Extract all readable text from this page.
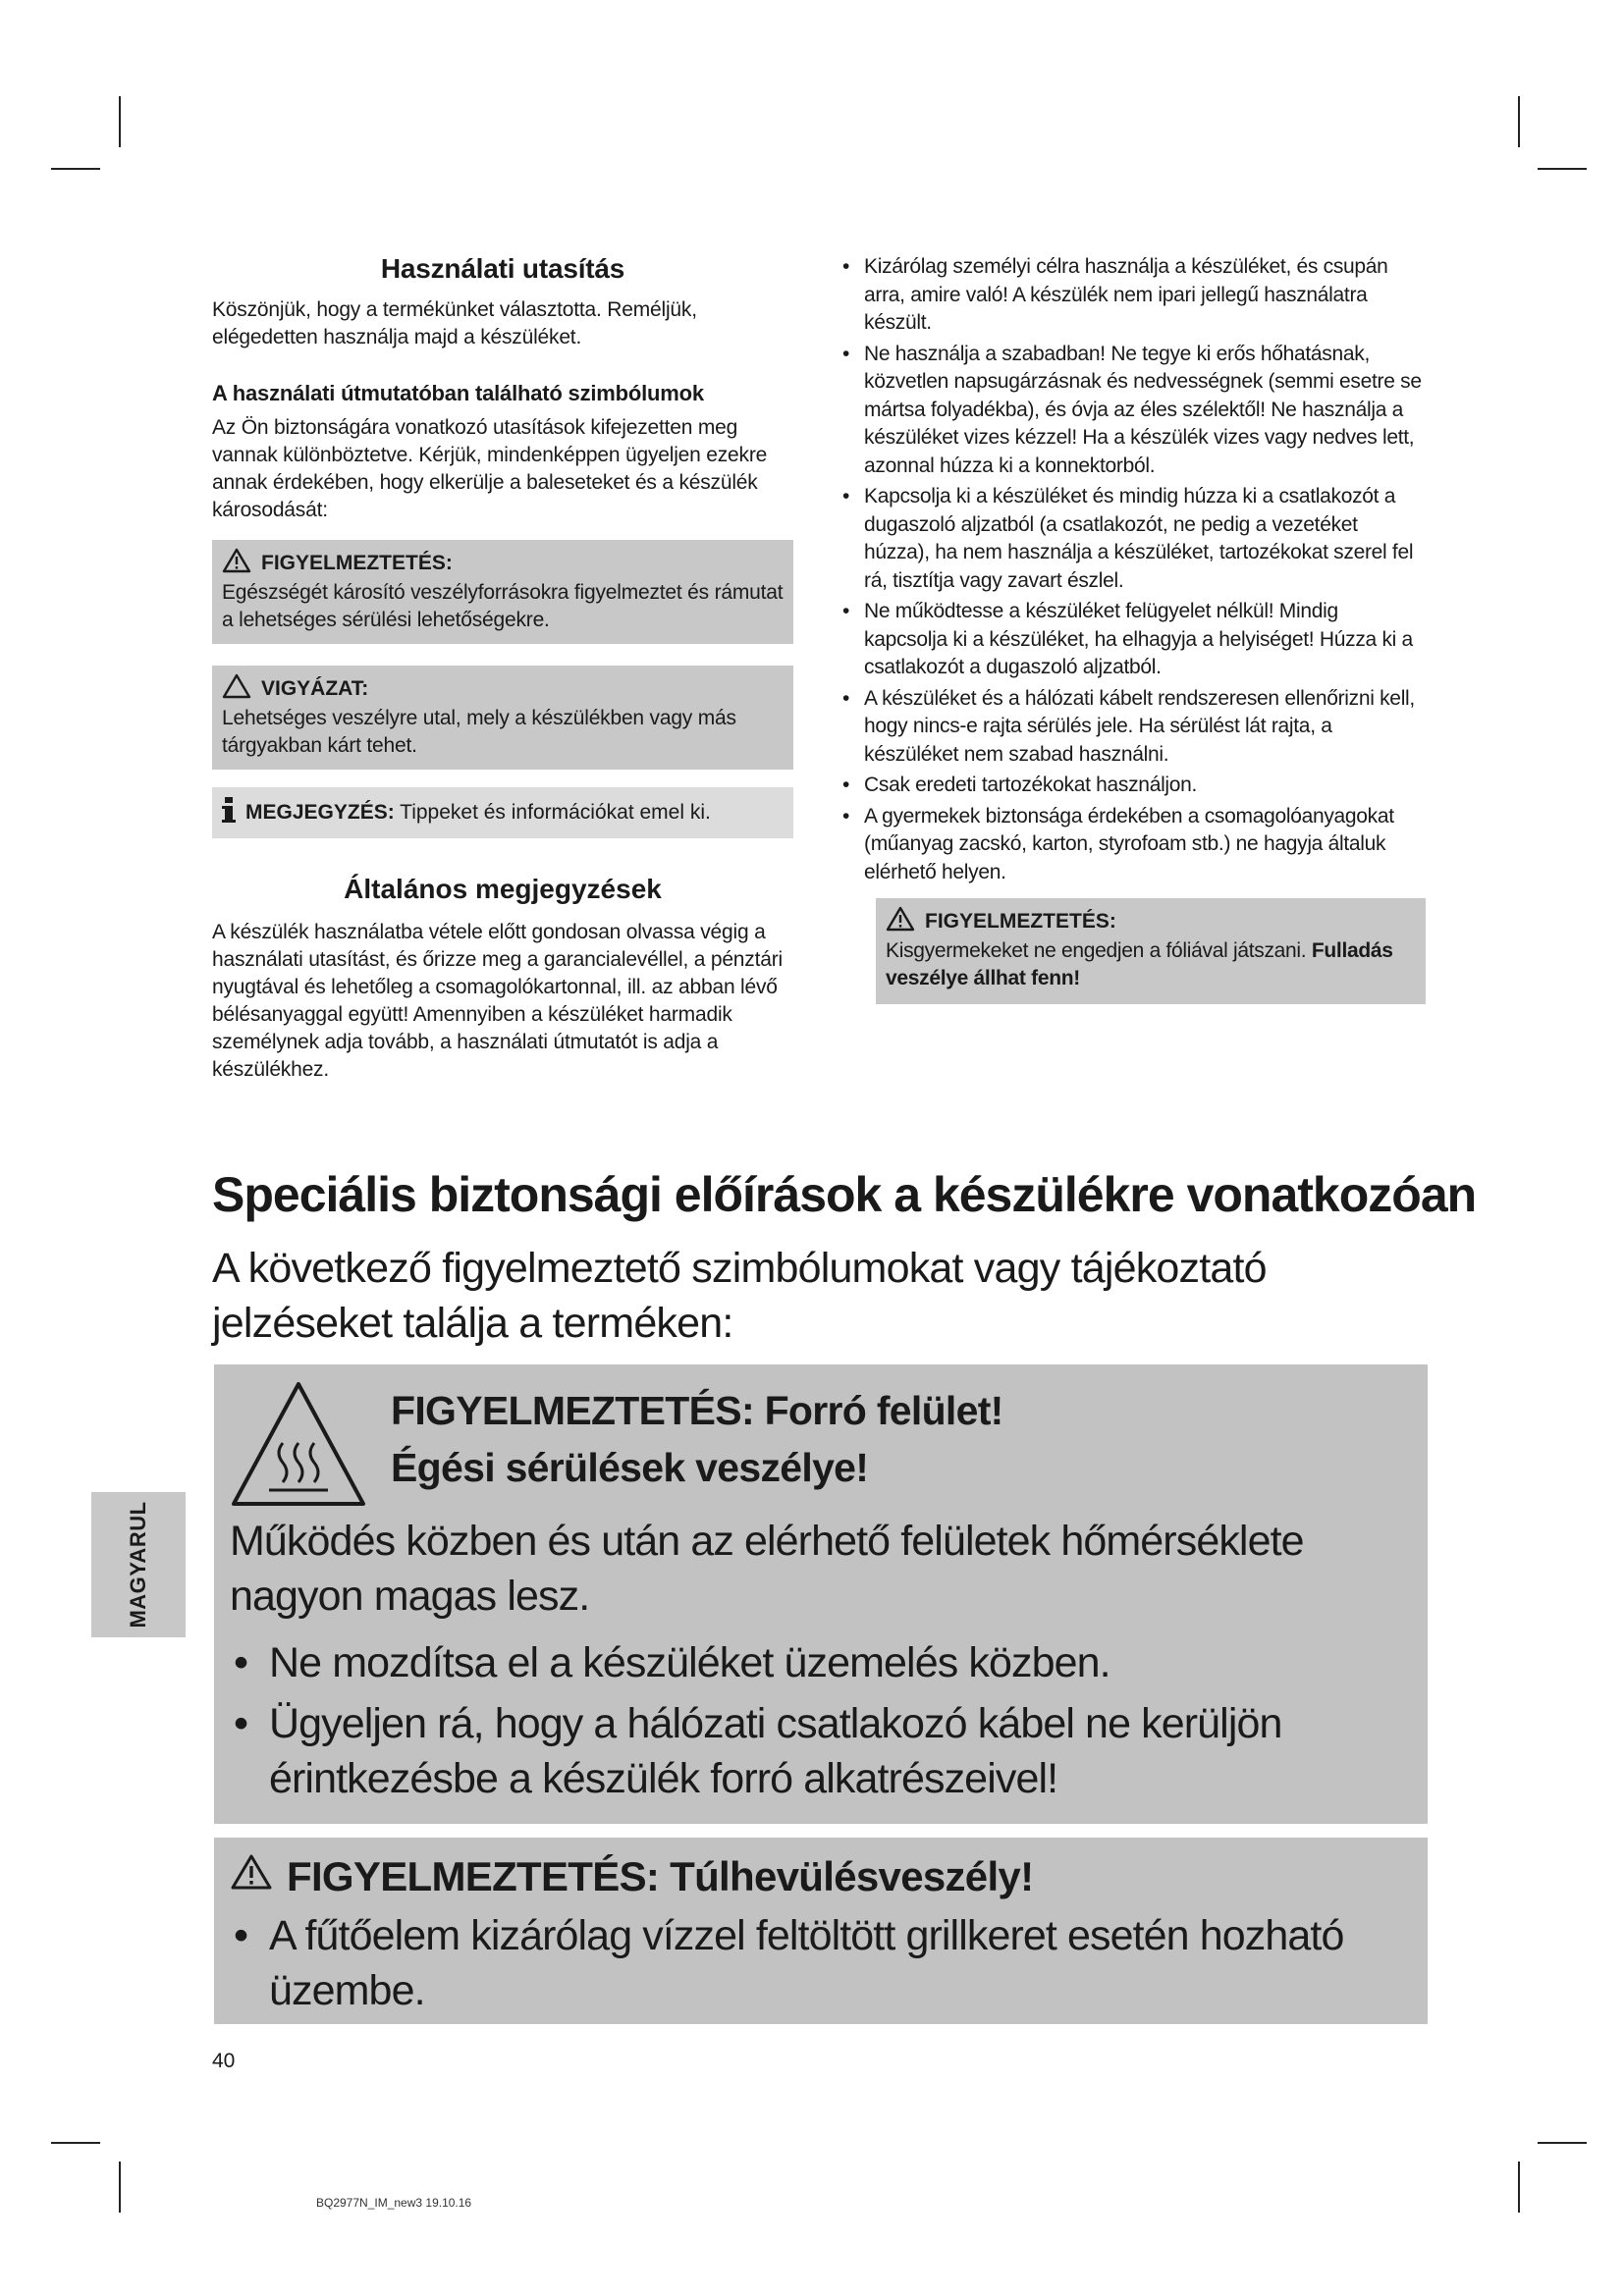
Használati utasítás

Köszönjük, hogy a termékünket választotta. Reméljük, elégedetten használja majd a készüléket.

A használati útmutatóban található szimbólumok

Az Ön biztonságára vonatkozó utasítások kifejezetten meg vannak különböztetve. Kérjük, mindenképpen ügyeljen ezekre annak érdekében, hogy elkerülje a baleseteket és a készülék károsodását:

FIGYELMEZTETÉS:
Egészségét károsító veszélyforrásokra figyelmeztet és rámutat a lehetséges sérülési lehetőségekre.
VIGYÁZAT:
Lehetséges veszélyre utal, mely a készülékben vagy más tárgyakban kárt tehet.
MEGJEGYZÉS: Tippeket és információkat emel ki.
Általános megjegyzések

A készülék használatba vétele előtt gondosan olvassa végig a használati utasítást, és őrizze meg a garancialevéllel, a pénztári nyugtával és lehetőleg a csomagolókartonnal, ill. az abban lévő bélésanyaggal együtt! Amennyiben a készüléket harmadik személynek adja tovább, a használati útmutatót is adja a készülékhez.

• Kizárólag személyi célra használja a készüléket, és csupán arra, amire való! A készülék nem ipari jellegű használatra készült.
• Ne használja a szabadban! Ne tegye ki erős hőhatásnak, közvetlen napsugárzásnak és nedvességnek (semmi esetre se mártsa folyadékba), és óvja az éles szélektől! Ne használja a készüléket vizes kézzel! Ha a készülék vizes vagy nedves lett, azonnal húzza ki a konnektorból.
• Kapcsolja ki a készüléket és mindig húzza ki a csatlakozót a dugaszoló aljzatból (a csatlakozót, ne pedig a vezetéket húzza), ha nem használja a készüléket, tartozékokat szerel fel rá, tisztítja vagy zavart észlel.
• Ne működtesse a készüléket felügyelet nélkül! Mindig kapcsolja ki a készüléket, ha elhagyja a helyiséget! Húzza ki a csatlakozót a dugaszoló aljzatból.
• A készüléket és a hálózati kábelt rendszeresen ellenőrizni kell, hogy nincs-e rajta sérülés jele. Ha sérülést lát rajta, a készüléket nem szabad használni.
• Csak eredeti tartozékokat használjon.
• A gyermekek biztonsága érdekében a csomagolóanyagokat (műanyag zacskó, karton, styrofoam stb.) ne hagyja általuk elérhető helyen.
FIGYELMEZTETÉS:
Kisgyermekeket ne engedjen a fóliával játszani. Fulladás veszélye állhat fenn!
Speciális biztonsági előírások a készülékre vonatkozóan
A következő figyelmeztető szimbólumokat vagy tájékoztató jelzéseket találja a terméken:
FIGYELMEZTETÉS: Forró felület!
Égési sérülések veszélye!
Működés közben és után az elérhető felületek hőmérséklete nagyon magas lesz.
• Ne mozdítsa el a készüléket üzemelés közben.
• Ügyeljen rá, hogy a hálózati csatlakozó kábel ne kerüljön érintkezésbe a készülék forró alkatrészeivel!
FIGYELMEZTETÉS: Túlhevülésveszély!
• A fűtőelem kizárólag vízzel feltöltött grillkeret esetén hozható üzembe.
MAGYARUL
40
BQ2977N_IM_new3 19.10.16
